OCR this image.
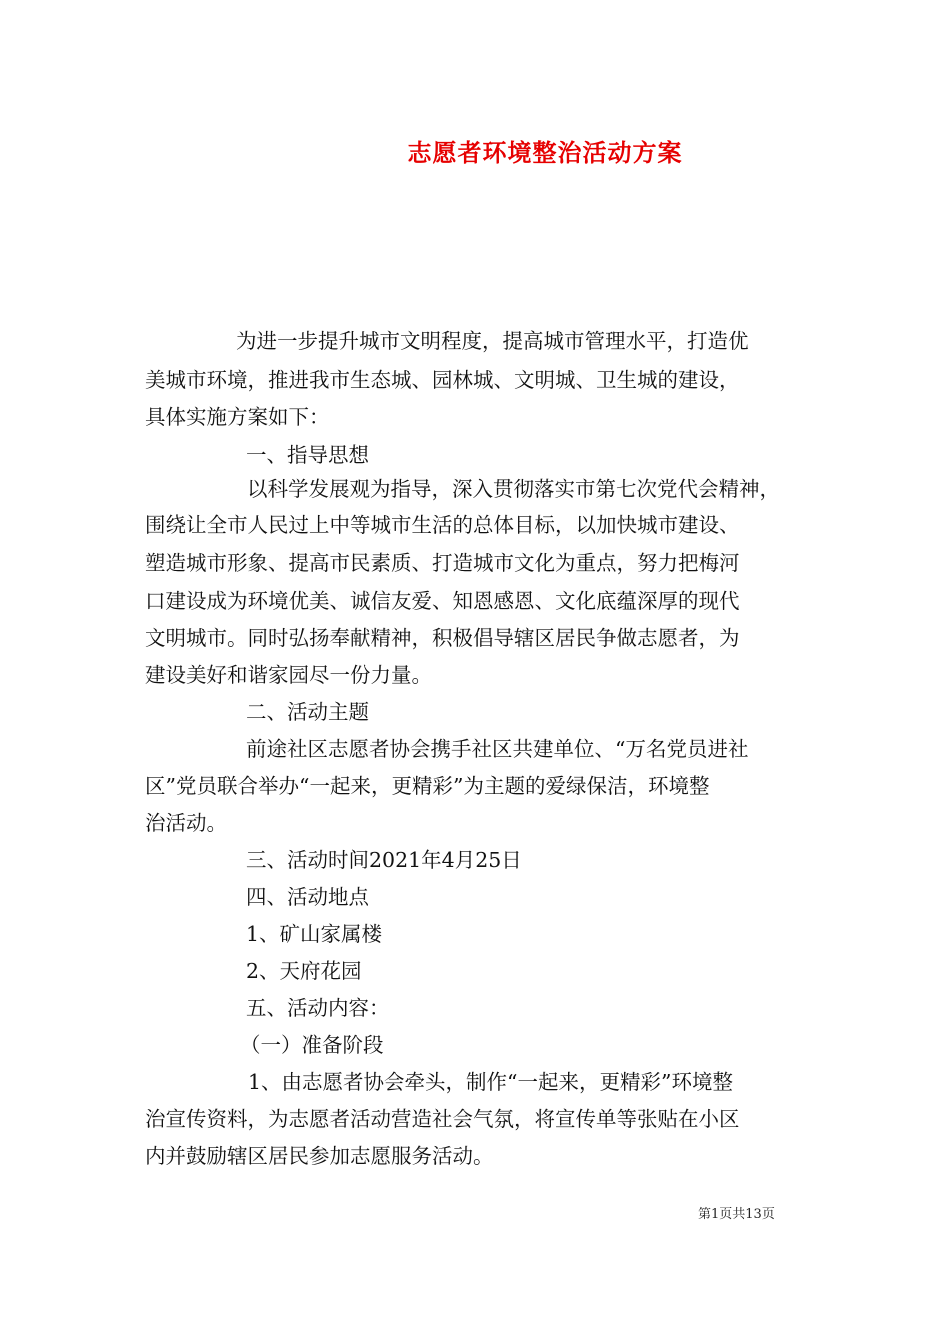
志愿者环境整治活动方案

为进一步提升城市文明程度，提高城市管理水平，打造优

美城市环境，推进我市生态城、园林城、文明城、卫生城的建设，

具体实施方案如下：

一、指导思想

以科学发展观为指导，深入贯彻落实市第七次党代会精神，

围绕让全市人民过上中等城市生活的总体目标，以加快城市建设、

塑造城市形象、提高市民素质、打造城市文化为重点，努力把梅河

口建设成为环境优美、诚信友爱、知恩感恩、文化底蕴深厚的现代

文明城市。同时弘扬奉献精神，积极倡导辖区居民争做志愿者，为

建设美好和谐家园尽一份力量。

二、活动主题

前途社区志愿者协会携手社区共建单位、“万名党员进社

区”党员联合举办“一起来，更精彩”为主题的爱绿保洁，环境整

治活动。

三、活动时间2021年4月25日

四、活动地点

1、矿山家属楼

2、天府花园

五、活动内容：

（一）准备阶段

1、由志愿者协会牵头，制作“一起来，更精彩”环境整

治宣传资料，为志愿者活动营造社会气氛，将宣传单等张贴在小区

内并鼓励辖区居民参加志愿服务活动。

第1页共13页
